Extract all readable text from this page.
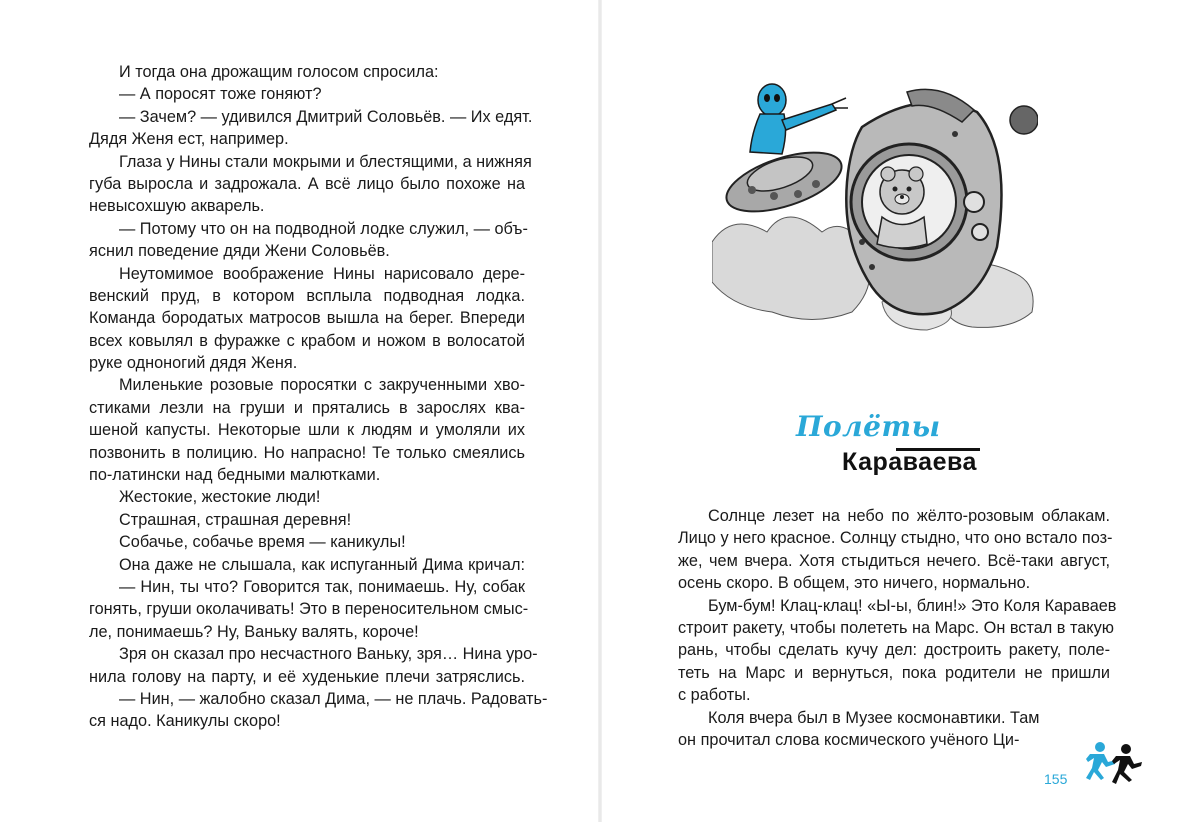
И тогда она дрожащим голосом спросила:
— А поросят тоже гоняют?
— Зачем? — удивился Дмитрий Соловьёв. — Их едят.
Дядя Женя ест, например.
Глаза у Нины стали мокрыми и блестящими, а нижняя
губа выросла и задрожала. А всё лицо было похоже на
невысохшую акварель.
— Потому что он на подводной лодке служил, — объ-
яснил поведение дяди Жени Соловьёв.
Неутомимое воображение Нины нарисовало дере-
венский пруд, в котором всплыла подводная лодка.
Команда бородатых матросов вышла на берег. Впереди
всех ковылял в фуражке с крабом и ножом в волосатой
руке одноногий дядя Женя.
Миленькие розовые поросятки с закрученными хво-
стиками лезли на груши и прятались в зарослях ква-
шеной капусты. Некоторые шли к людям и умоляли их
позвонить в полицию. Но напрасно! Те только смеялись
по-латински над бедными малютками.
Жестокие, жестокие люди!
Страшная, страшная деревня!
Собачье, собачье время — каникулы!
Она даже не слышала, как испуганный Дима кричал:
— Нин, ты что? Говорится так, понимаешь. Ну, собак
гонять, груши околачивать! Это в переносительном смыс-
ле, понимаешь? Ну, Ваньку валять, короче!
Зря он сказал про несчастного Ваньку, зря… Нина уро-
нила голову на парту, и её худенькие плечи затряслись.
— Нин, — жалобно сказал Дима, — не плачь. Радовать-
ся надо. Каникулы скоро!
Полёты
Караваева
Солнце лезет на небо по жёлто-розовым облакам.
Лицо у него красное. Солнцу стыдно, что оно встало поз-
же, чем вчера. Хотя стыдиться нечего. Всё-таки август,
осень скоро. В общем, это ничего, нормально.
Бум-бум! Клац-клац! «Ы-ы, блин!» Это Коля Караваев
строит ракету, чтобы полететь на Марс. Он встал в такую
рань, чтобы сделать кучу дел: достроить ракету, поле-
теть на Марс и вернуться, пока родители не пришли
с работы.
Коля вчера был в Музее космонавтики. Там
он прочитал слова космического учёного Ци-
155
